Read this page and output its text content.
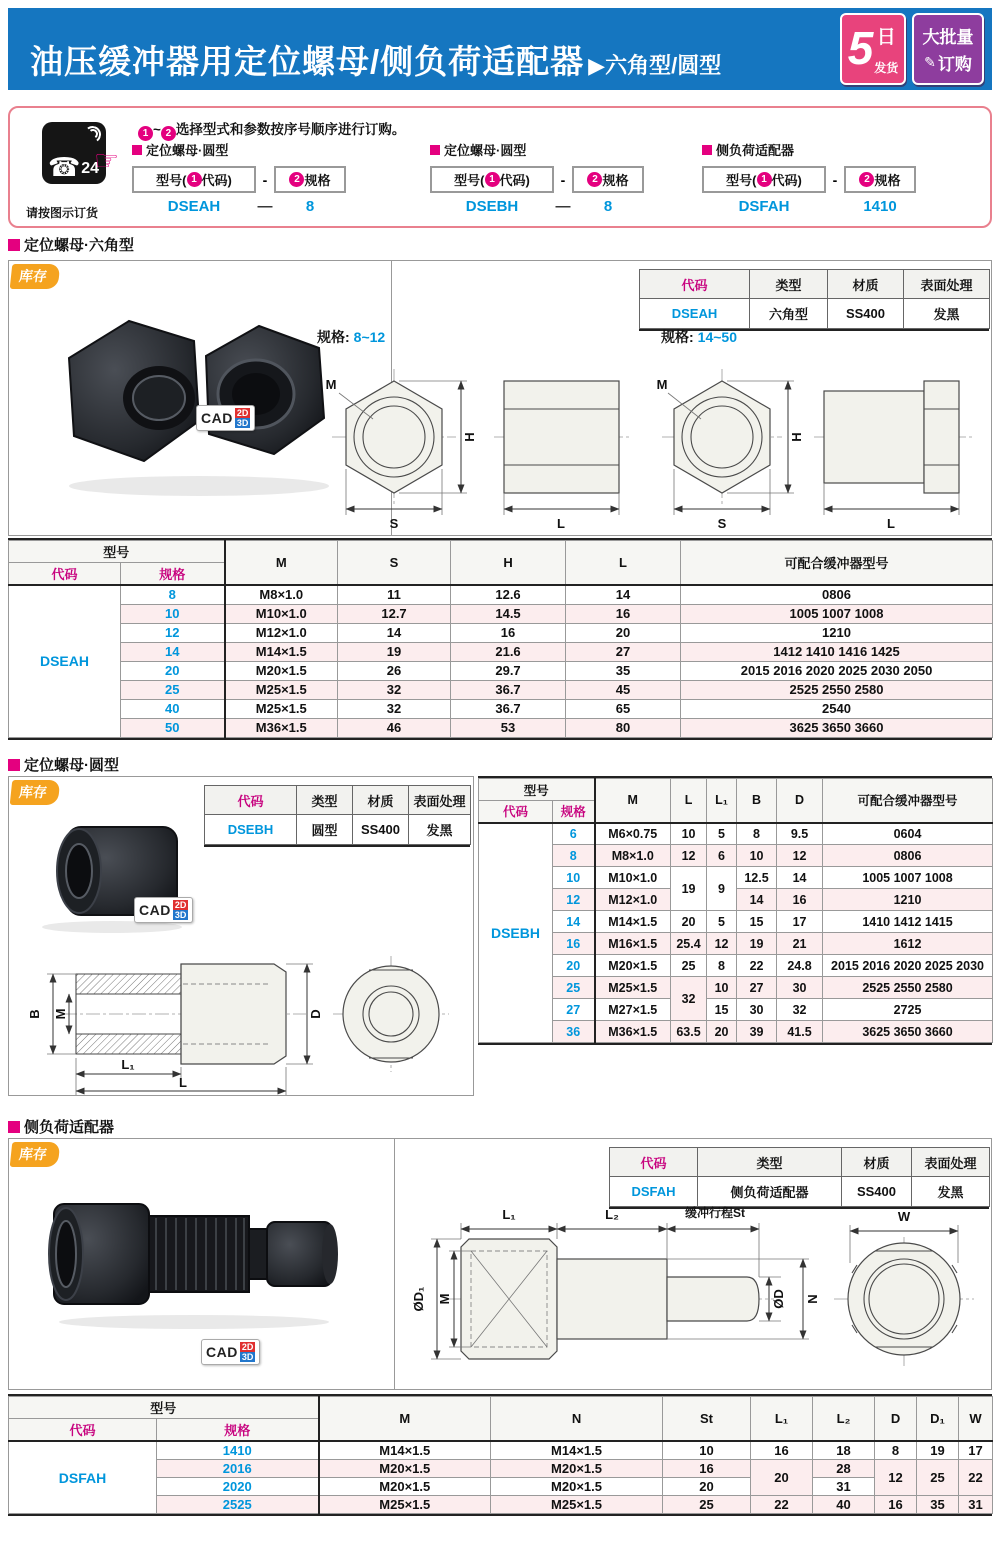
油压缓冲器用定位螺母/侧负荷适配器 ▶六角型/圆型	5 日
发货
大批量
✎ 订购
☎ 24
请按图示订货
☞
1 ~ 2 选择型式和参数按序号顺序进行订购。
定位螺母·圆型
型号( 1 代码)	-	2 规格
DSEAH	—	8
定位螺母·圆型
型号( 1 代码)	-	2 规格
DSEBH	—	8
侧负荷适配器
型号( 1 代码)	-	2 规格
DSFAH	1410
定位螺母·六角型
库存
CAD 2D
3D
代码	类型	材质	表面处理
DSEAH	六角型	SS400	发黑
规格: 8~12
M
H
S	L
规格: 14~50
M
H
S	L
型号		M	S	H	L	可配合缓冲器型号
代码	规格					
DSEAH	8	M8×1.0	11	12.6	14	0806
	10	M10×1.0	12.7	14.5	16	1005 1007 1008
	12	M12×1.0	14	16	20	1210
	14	M14×1.5	19	21.6	27	1412 1410 1416 1425
	20	M20×1.5	26	29.7	35	2015 2016 2020 2025 2030 2050
	25	M25×1.5	32	36.7	45	2525 2550 2580
	40	M25×1.5	32	36.7	65	2540
	50	M36×1.5	46	53	80	3625 3650 3660
定位螺母·圆型
库存
CAD 2D
3D
代码	类型	材质	表面处理
DSEBH	圆型	SS400	发黑
B M	D
L₁
L
型号		M	L	L₁	B	D	可配合缓冲器型号
代码	规格						
DSEBH	6	M6×0.75	10	5	8	9.5	0604
	8	M8×1.0	12	6	10	12	0806
	10	M10×1.0	19	9	12.5	14	1005 1007 1008
	12	M12×1.0			14	16	1210
	14	M14×1.5	20	5	15	17	1410 1412 1415
	16	M16×1.5	25.4	12	19	21	1612
	20	M20×1.5	25	8	22	24.8	2015 2016 2020 2025 2030
	25	M25×1.5	32	10	27	30	2525 2550 2580
	27	M27×1.5		15	30	32	2725
	36	M36×1.5	63.5	20	39	41.5	3625 3650 3660
侧负荷适配器
库存
CAD 2D
3D
代码	类型	材质	表面处理
DSFAH	侧负荷适配器	SS400	发黑
L₁	L₂	缓冲行程St
ØD₁ M	ØD N
W
型号		M	N	St	L₁	L₂	D	D₁	W
代码	规格								
DSFAH	1410	M14×1.5	M14×1.5	10	16	18	8	19	17
	2016	M20×1.5	M20×1.5	16	20	28	12	25	22
	2020	M20×1.5	M20×1.5	20		31			
	2525	M25×1.5	M25×1.5	25	22	40	16	35	31
